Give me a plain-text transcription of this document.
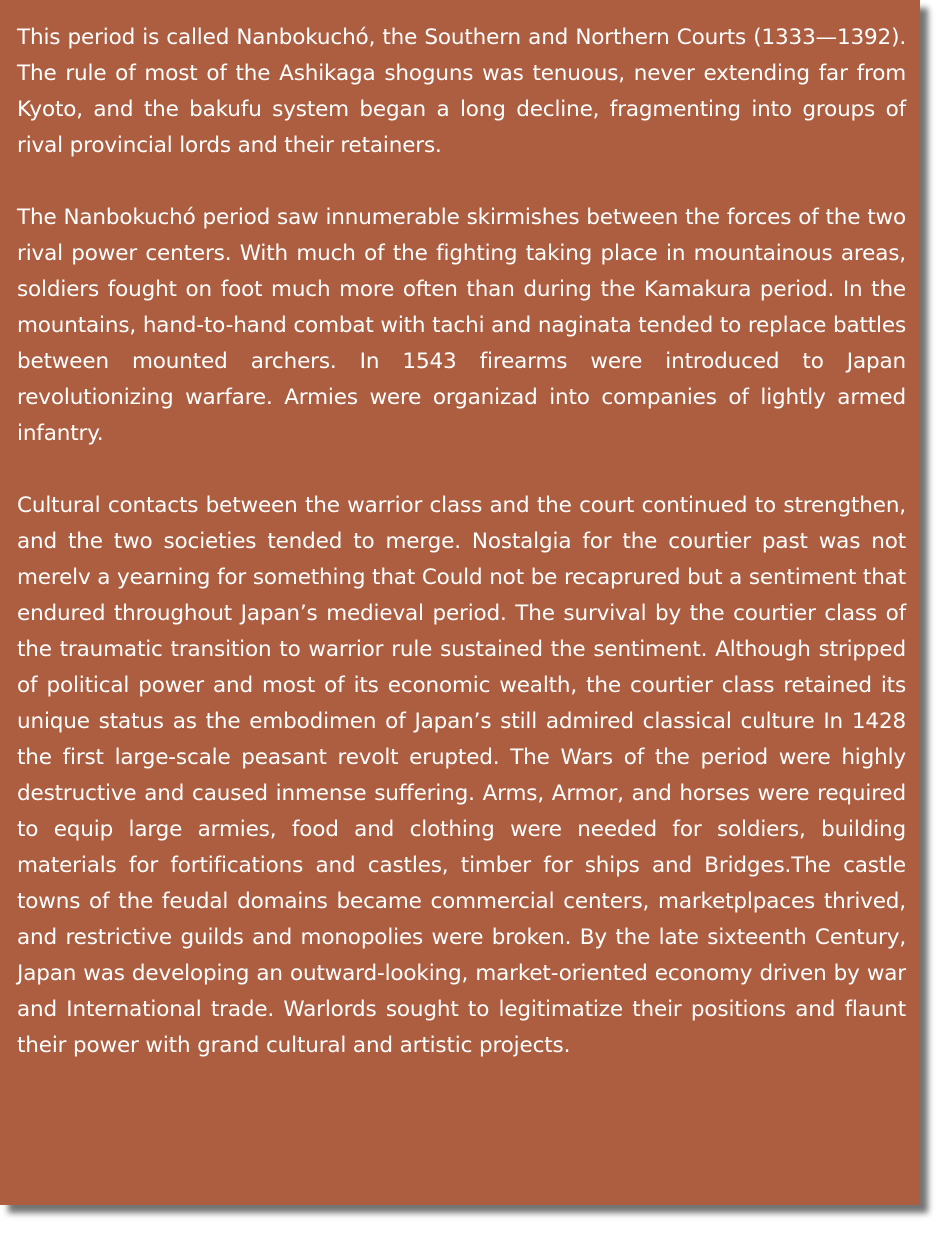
This period is called Nanbokuchó, the Southern and Northern Courts (1333—1392). The rule of most of the Ashikaga shoguns was tenuous, never extending far from Kyoto, and the bakufu system began a long decline, fragmenting into groups of rival provincial lords and their retainers.

The Nanbokuchó period saw innumerable skirmishes between the forces of the two rival power centers. With much of the fighting taking place in mountainous areas, soldiers fought on foot much more often than during the Kamakura period. In the mountains, hand-to-hand combat with tachi and naginata tended to replace battles between mounted archers. In 1543 firearms were introduced to Japan revolutionizing warfare. Armies were organizad into companies of lightly armed infantry.

Cultural contacts between the warrior class and the court continued to strengthen, and the two societies tended to merge. Nostalgia for the courtier past was not merelv a yearning for something that Could not be recaprured but a sentiment that endured throughout Japan’s medieval period. The survival by the courtier class of the traumatic transition to warrior rule sustained the sentiment. Although stripped of political power and most of its economic wealth, the courtier class retained its unique status as the embodimen of Japan’s still admired classical culture In 1428 the first large-scale peasant revolt erupted. The Wars of the period were highly destructive and caused inmense suffering. Arms, Armor, and horses were required to equip large armies, food and clothing were needed for soldiers, building materials for fortifications and castles, timber for ships and Bridges.The castle towns of the feudal domains became commercial centers, marketplpaces thrived, and restrictive guilds and monopolies were broken. By the late sixteenth Century, Japan was developing an outward-looking, market-oriented economy driven by war and International trade. Warlords sought to legitimatize their positions and flaunt their power with grand cultural and artistic projects.
